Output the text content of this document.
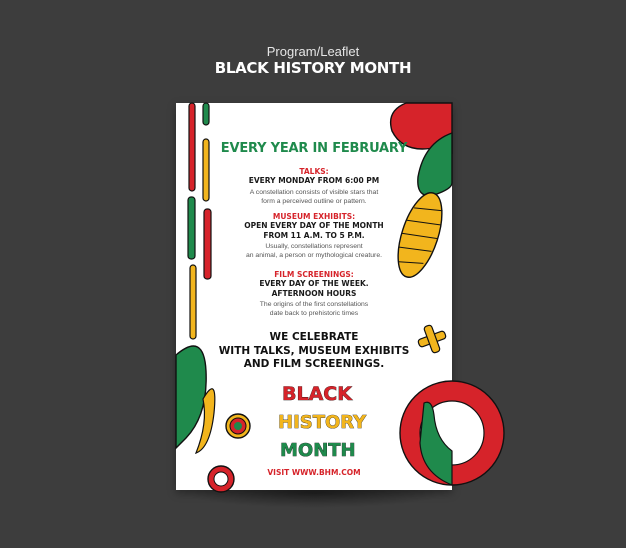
Program/Leaflet
BLACK HISTORY MONTH
EVERY YEAR IN FEBRUARY
TALKS:
EVERY MONDAY FROM 6:00 PM
A constellation consists of visible stars that
form a perceived outline or pattern.
MUSEUM EXHIBITS:
OPEN EVERY DAY OF THE MONTH
FROM 11 A.M. TO 5 P.M.
Usually, constellations represent
an animal, a person or mythological creature.
FILM SCREENINGS:
EVERY DAY OF THE WEEK.
AFTERNOON HOURS
The origins of the first constellations
date back to prehistoric times
WE CELEBRATE
WITH TALKS, MUSEUM EXHIBITS
AND FILM SCREENINGS.
BLACK
HISTORY
MONTH
VISIT WWW.BHM.COM
